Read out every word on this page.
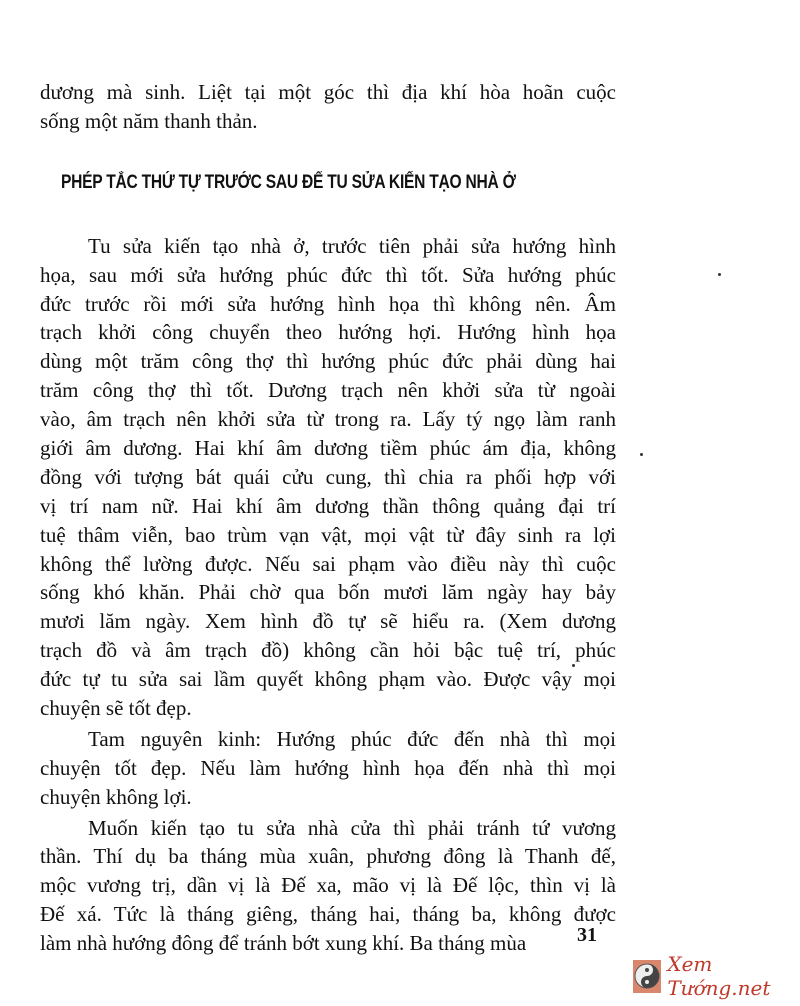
dương mà sinh. Liệt tại một góc thì địa khí hòa hoãn cuộc
sống một năm thanh thản.
PHÉP TẮC THỨ TỰ TRƯỚC SAU ĐỂ TU SỬA KIẾN TẠO NHÀ Ở
Tu sửa kiến tạo nhà ở, trước tiên phải sửa hướng hình
họa, sau mới sửa hướng phúc đức thì tốt. Sửa hướng phúc
đức trước rồi mới sửa hướng hình họa thì không nên. Âm
trạch khởi công chuyển theo hướng hợi. Hướng hình họa
dùng một trăm công thợ thì hướng phúc đức phải dùng hai
trăm công thợ thì tốt. Dương trạch nên khởi sửa từ ngoài
vào, âm trạch nên khởi sửa từ trong ra. Lấy tý ngọ làm ranh
giới âm dương. Hai khí âm dương tiềm phúc ám địa, không
đồng với tượng bát quái cửu cung, thì chia ra phối hợp với
vị trí nam nữ. Hai khí âm dương thần thông quảng đại trí
tuệ thâm viễn, bao trùm vạn vật, mọi vật từ đây sinh ra lợi
không thể lường được. Nếu sai phạm vào điều này thì cuộc
sống khó khăn. Phải chờ qua bốn mươi lăm ngày hay bảy
mươi lăm ngày. Xem hình đồ tự sẽ hiểu ra. (Xem dương
trạch đồ và âm trạch đồ) không cần hỏi bậc tuệ trí, phúc
đức tự tu sửa sai lầm quyết không phạm vào. Được vậy mọi
chuyện sẽ tốt đẹp.
Tam nguyên kinh: Hướng phúc đức đến nhà thì mọi
chuyện tốt đẹp. Nếu làm hướng hình họa đến nhà thì mọi
chuyện không lợi.
Muốn kiến tạo tu sửa nhà cửa thì phải tránh tứ vương
thần. Thí dụ ba tháng mùa xuân, phương đông là Thanh đế,
mộc vương trị, dần vị là Đế xa, mão vị là Đế lộc, thìn vị là
Đế xá. Tức là tháng giêng, tháng hai, tháng ba, không được
làm nhà hướng đông để tránh bớt xung khí. Ba tháng mùa	31
Xem Tướng.net
